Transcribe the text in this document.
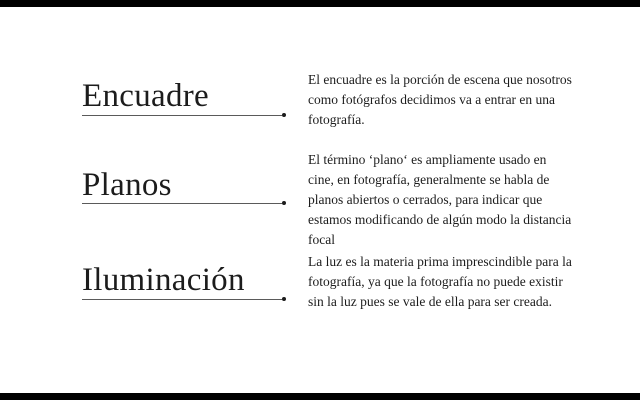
Encuadre	El encuadre es la porción de escena que nosotros como fotógrafos decidimos va a entrar en una fotografía.

Planos

El término ‘plano‘ es ampliamente usado en cine, en fotografía, generalmente se habla de planos abiertos o cerrados, para indicar que estamos modificando de algún modo la distancia focal

Iluminación

La luz es la materia prima imprescindible para la fotografía, ya que la fotografía no puede existir sin la luz pues se vale de ella para ser creada.
